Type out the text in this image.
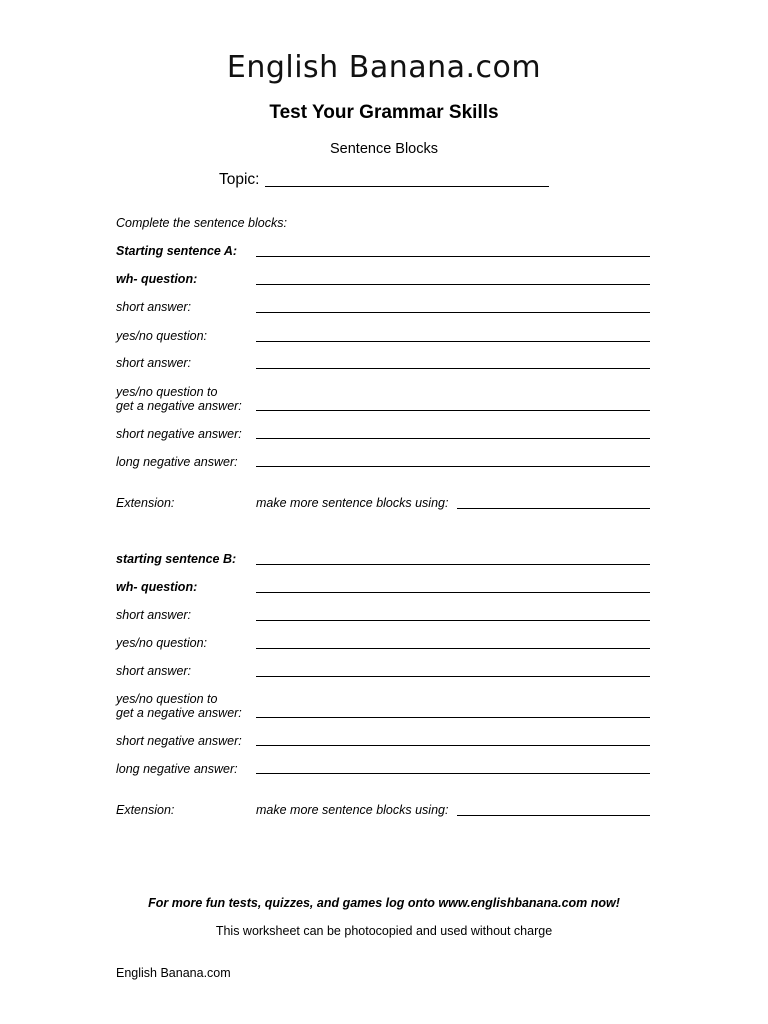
English Banana.com
Test Your Grammar Skills
Sentence Blocks
Topic:
Complete the sentence blocks:
Starting sentence A:
wh- question:
short answer:
yes/no question:
short answer:
yes/no question to
get a negative answer:
short negative answer:
long negative answer:
Extension:	make more sentence blocks using:
starting sentence B:
wh- question:
short answer:
yes/no question:
short answer:
yes/no question to
get a negative answer:
short negative answer:
long negative answer:
Extension:	make more sentence blocks using:
For more fun tests, quizzes, and games log onto www.englishbanana.com now!
This worksheet can be photocopied and used without charge
English Banana.com
